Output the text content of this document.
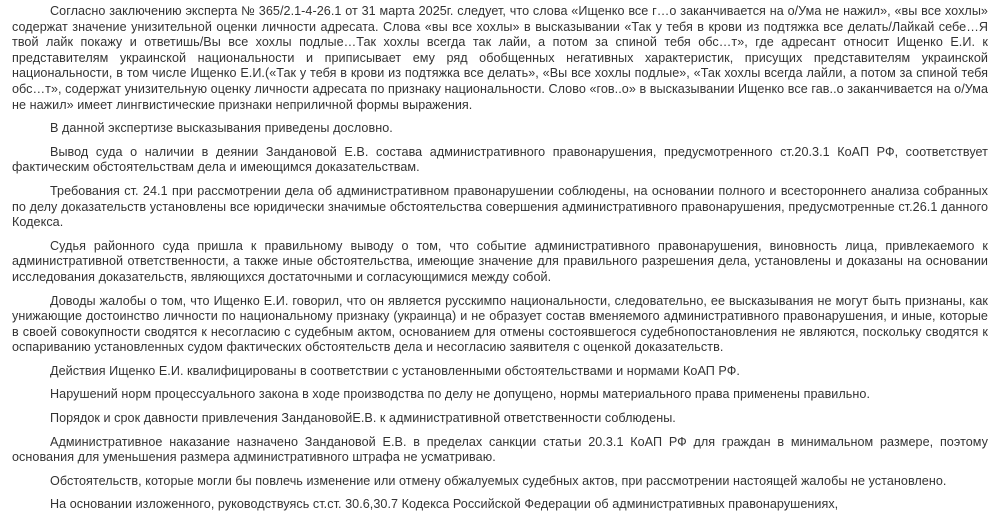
Согласно заключению эксперта № 365/2.1-4-26.1 от 31 марта 2025г. следует, что слова «Ищенко все г…о заканчивается на о/Ума не нажил», «вы все хохлы» содержат значение унизительной оценки личности адресата. Слова «вы все хохлы» в высказывании «Так у тебя в крови из подтяжка все делать/Лайкай себе…Я твой лайк покажу и ответишь/Вы все хохлы подлые…Так хохлы всегда так лайи, а потом за спиной тебя обс…т», где адресант относит Ищенко Е.И. к представителям украинской национальности и приписывает ему ряд обобщенных негативных характеристик, присущих представителям украинской национальности, в том числе Ищенко Е.И.(«Так у тебя в крови из подтяжка все делать», «Вы все хохлы подлые», «Так хохлы всегда лайли, а потом за спиной тебя обс…т», содержат унизительную оценку личности адресата по признаку национальности. Слово «гов..о» в высказывании Ищенко все гав..о заканчивается на о/Ума не нажил» имеет лингвистические признаки неприличной формы выражения.

В данной экспертизе высказывания приведены дословно.

Вывод суда о наличии в деянии Зандановой Е.В. состава административного правонарушения, предусмотренного ст.20.3.1 КоАП РФ, соответствует фактическим обстоятельствам дела и имеющимся доказательствам.

Требования ст. 24.1 при рассмотрении дела об административном правонарушении соблюдены, на основании полного и всестороннего анализа собранных по делу доказательств установлены все юридически значимые обстоятельства совершения административного правонарушения, предусмотренные ст.26.1 данного Кодекса.

Судья районного суда пришла к правильному выводу о том, что событие административного правонарушения, виновность лица, привлекаемого к административной ответственности, а также иные обстоятельства, имеющие значение для правильного разрешения дела, установлены и доказаны на основании исследования доказательств, являющихся достаточными и согласующимися между собой.

Доводы жалобы о том, что Ищенко Е.И. говорил, что он является русскимпо национальности, следовательно, ее высказывания не могут быть признаны, как унижающие достоинство личности по национальному признаку (украинца) и не образует состав вменяемого административного правонарушения, и иные, которые в своей совокупности сводятся к несогласию с судебным актом, основанием для отмены состоявшегося судебнопостановления не являются, поскольку сводятся к оспариванию установленных судом фактических обстоятельств дела и несогласию заявителя с оценкой доказательств.

Действия Ищенко Е.И. квалифицированы в соответствии с установленными обстоятельствами и нормами КоАП РФ.

Нарушений норм процессуального закона в ходе производства по делу не допущено, нормы материального права применены правильно.

Порядок и срок давности привлечения ЗандановойЕ.В. к административной ответственности соблюдены.

Административное наказание назначено Зандановой Е.В. в пределах санкции статьи 20.3.1 КоАП РФ для граждан в минимальном размере, поэтому основания для уменьшения размера административного штрафа не усматриваю.

Обстоятельств, которые могли бы повлечь изменение или отмену обжалуемых судебных актов, при рассмотрении настоящей жалобы не установлено.

На основании изложенного, руководствуясь ст.ст. 30.6,30.7 Кодекса Российской Федерации об административных правонарушениях,
